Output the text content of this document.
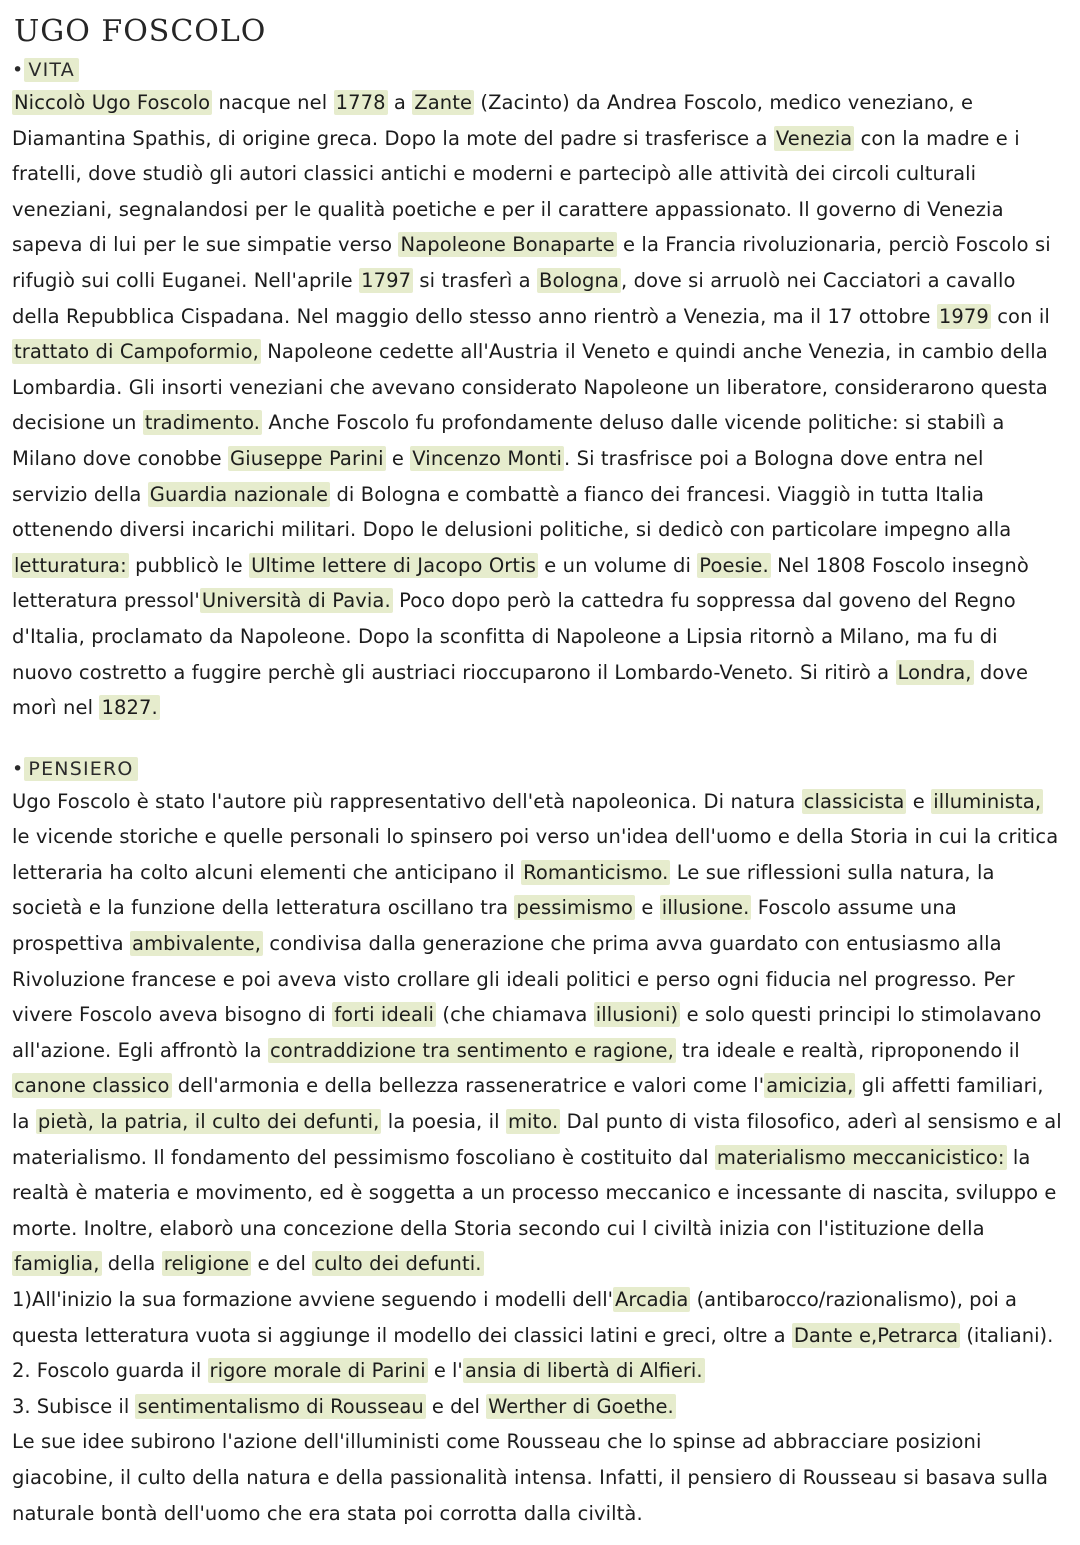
UGO FOSCOLO
• VITA

Niccolò Ugo Foscolo nacque nel 1778 a Zante (Zacinto) da Andrea Foscolo, medico veneziano, e Diamantina Spathis, di origine greca. Dopo la mote del padre si trasferisce a Venezia con la madre e i fratelli, dove studiò gli autori classici antichi e moderni e partecipò alle attività dei circoli culturali veneziani, segnalandosi per le qualità poetiche e per il carattere appassionato. Il governo di Venezia sapeva di lui per le sue simpatie verso Napoleone Bonaparte e la Francia rivoluzionaria, perciò Foscolo si rifugiò sui colli Euganei. Nell'aprile 1797 si trasferì a Bologna , dove si arruolò nei Cacciatori a cavallo della Repubblica Cispadana. Nel maggio dello stesso anno rientrò a Venezia, ma il 17 ottobre 1979 con il trattato di Campoformio, Napoleone cedette all'Austria il Veneto e quindi anche Venezia, in cambio della Lombardia. Gli insorti veneziani che avevano considerato Napoleone un liberatore, considerarono questa decisione un tradimento. Anche Foscolo fu profondamente deluso dalle vicende politiche: si stabilì a Milano dove conobbe Giuseppe Parini e Vincenzo Monti . Si trasfrisce poi a Bologna dove entra nel servizio della Guardia nazionale di Bologna e combattè a fianco dei francesi. Viaggiò in tutta Italia ottenendo diversi incarichi militari. Dopo le delusioni politiche, si dedicò con particolare impegno alla letturatura: pubblicò le Ultime lettere di Jacopo Ortis e un volume di Poesie. Nel 1808 Foscolo insegnò letteratura pressol' Università di Pavia. Poco dopo però la cattedra fu soppressa dal goveno del Regno d'Italia, proclamato da Napoleone. Dopo la sconfitta di Napoleone a Lipsia ritornò a Milano, ma fu di nuovo costretto a fuggire perchè gli austriaci rioccuparono il Lombardo-Veneto. Si ritirò a Londra, dove morì nel 1827.

• PENSIERO

Ugo Foscolo è stato l'autore più rappresentativo dell'età napoleonica. Di natura classicista e illuminista, le vicende storiche e quelle personali lo spinsero poi verso un'idea dell'uomo e della Storia in cui la critica letteraria ha colto alcuni elementi che anticipano il Romanticismo. Le sue riflessioni sulla natura, la società e la funzione della letteratura oscillano tra pessimismo e illusione. Foscolo assume una prospettiva ambivalente, condivisa dalla generazione che prima avva guardato con entusiasmo alla Rivoluzione francese e poi aveva visto crollare gli ideali politici e perso ogni fiducia nel progresso. Per vivere Foscolo aveva bisogno di forti ideali (che chiamava illusioni) e solo questi principi lo stimolavano all'azione. Egli affrontò la contraddizione tra sentimento e ragione, tra ideale e realtà, riproponendo il canone classico dell'armonia e della bellezza rasseneratrice e valori come l' amicizia, gli affetti familiari, la pietà, la patria, il culto dei defunti, la poesia, il mito. Dal punto di vista filosofico, aderì al sensismo e al materialismo. Il fondamento del pessimismo foscoliano è costituito dal materialismo meccanicistico: la realtà è materia e movimento, ed è soggetta a un processo meccanico e incessante di nascita, sviluppo e morte. Inoltre, elaborò una concezione della Storia secondo cui l civiltà inizia con l'istituzione della famiglia, della religione e del culto dei defunti.

1)All'inizio la sua formazione avviene seguendo i modelli dell' Arcadia (antibarocco/razionalismo), poi a questa letteratura vuota si aggiunge il modello dei classici latini e greci, oltre a Dante e,Petrarca (italiani).

2. Foscolo guarda il rigore morale di Parini e l' ansia di libertà di Alfieri.

3. Subisce il sentimentalismo di Rousseau e del Werther di Goethe.

Le sue idee subirono l'azione dell'illuministi come Rousseau che lo spinse ad abbracciare posizioni giacobine, il culto della natura e della passionalità intensa. Infatti, il pensiero di Rousseau si basava sulla naturale bontà dell'uomo che era stata poi corrotta dalla civiltà.
